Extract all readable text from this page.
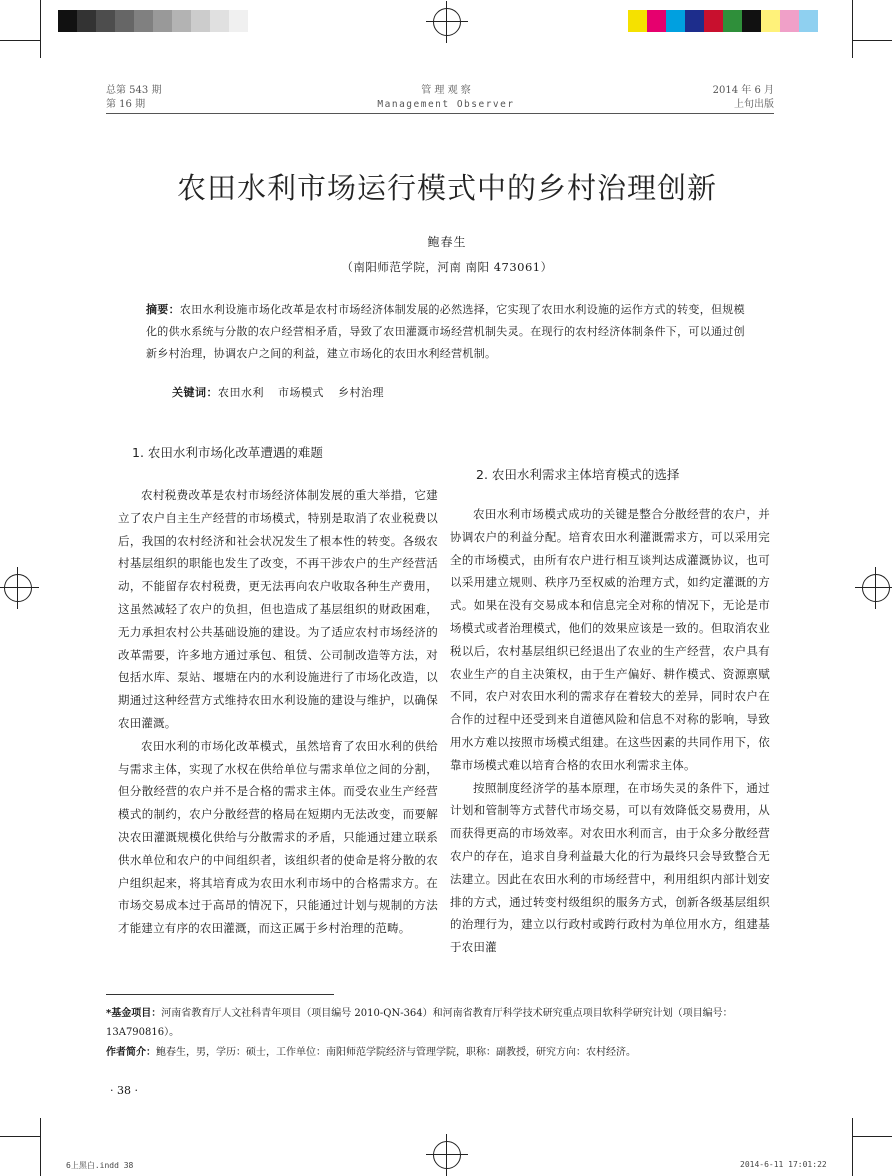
总第 543 期
第 16 期
管 理 观 察
Management Observer
2014 年 6 月
上旬出版
农田水利市场运行模式中的乡村治理创新
鲍春生
（南阳师范学院，河南 南阳 473061）
摘要：农田水利设施市场化改革是农村市场经济体制发展的必然选择，它实现了农田水利设施的运作方式的转变，但规模化的供水系统与分散的农户经营相矛盾，导致了农田灌溉市场经营机制失灵。在现行的农村经济体制条件下，可以通过创新乡村治理，协调农户之间的利益，建立市场化的农田水利经营机制。
关键词：农田水利 市场模式 乡村治理
1. 农田水利市场化改革遭遇的难题

农村税费改革是农村市场经济体制发展的重大举措，它建立了农户自主生产经营的市场模式，特别是取消了农业税费以后，我国的农村经济和社会状况发生了根本性的转变。各级农村基层组织的职能也发生了改变，不再干涉农户的生产经营活动，不能留存农村税费，更无法再向农户收取各种生产费用，这虽然减轻了农户的负担，但也造成了基层组织的财政困难，无力承担农村公共基础设施的建设。为了适应农村市场经济的改革需要，许多地方通过承包、租赁、公司制改造等方法，对包括水库、泵站、堰塘在内的水利设施进行了市场化改造，以期通过这种经营方式维持农田水利设施的建设与维护，以确保农田灌溉。

农田水利的市场化改革模式，虽然培育了农田水利的供给与需求主体，实现了水权在供给单位与需求单位之间的分割，但分散经营的农户并不是合格的需求主体。而受农业生产经营模式的制约，农户分散经营的格局在短期内无法改变，而要解决农田灌溉规模化供给与分散需求的矛盾，只能通过建立联系供水单位和农户的中间组织者，该组织者的使命是将分散的农户组织起来，将其培育成为农田水利市场中的合格需求方。在市场交易成本过于高昂的情况下，只能通过计划与规制的方法才能建立有序的农田灌溉，而这正属于乡村治理的范畴。

2. 农田水利需求主体培育模式的选择

农田水利市场模式成功的关键是整合分散经营的农户，并协调农户的利益分配。培育农田水利灌溉需求方，可以采用完全的市场模式，由所有农户进行相互谈判达成灌溉协议，也可以采用建立规则、秩序乃至权威的治理方式，如约定灌溉的方式。如果在没有交易成本和信息完全对称的情况下，无论是市场模式或者治理模式，他们的效果应该是一致的。但取消农业税以后，农村基层组织已经退出了农业的生产经营，农户具有农业生产的自主决策权，由于生产偏好、耕作模式、资源禀赋不同，农户对农田水利的需求存在着较大的差异，同时农户在合作的过程中还受到来自道德风险和信息不对称的影响，导致用水方难以按照市场模式组建。在这些因素的共同作用下，依靠市场模式难以培育合格的农田水利需求主体。

按照制度经济学的基本原理，在市场失灵的条件下，通过计划和管制等方式替代市场交易，可以有效降低交易费用，从而获得更高的市场效率。对农田水利而言，由于众多分散经营农户的存在，追求自身利益最大化的行为最终只会导致整合无法建立。因此在农田水利的市场经营中，利用组织内部计划安排的方式，通过转变村级组织的服务方式，创新各级基层组织的治理行为，建立以行政村或跨行政村为单位用水方，组建基于农田灌

*基金项目：河南省教育厅人文社科青年项目（项目编号 2010-QN-364）和河南省教育厅科学技术研究重点项目软科学研究计划（项目编号：13A790816）。
作者简介：鲍春生，男，学历：硕士，工作单位：南阳师范学院经济与管理学院，职称：副教授，研究方向：农村经济。
· 38 ·
6上黑白.indd 38	2014-6-11 17:01:22
